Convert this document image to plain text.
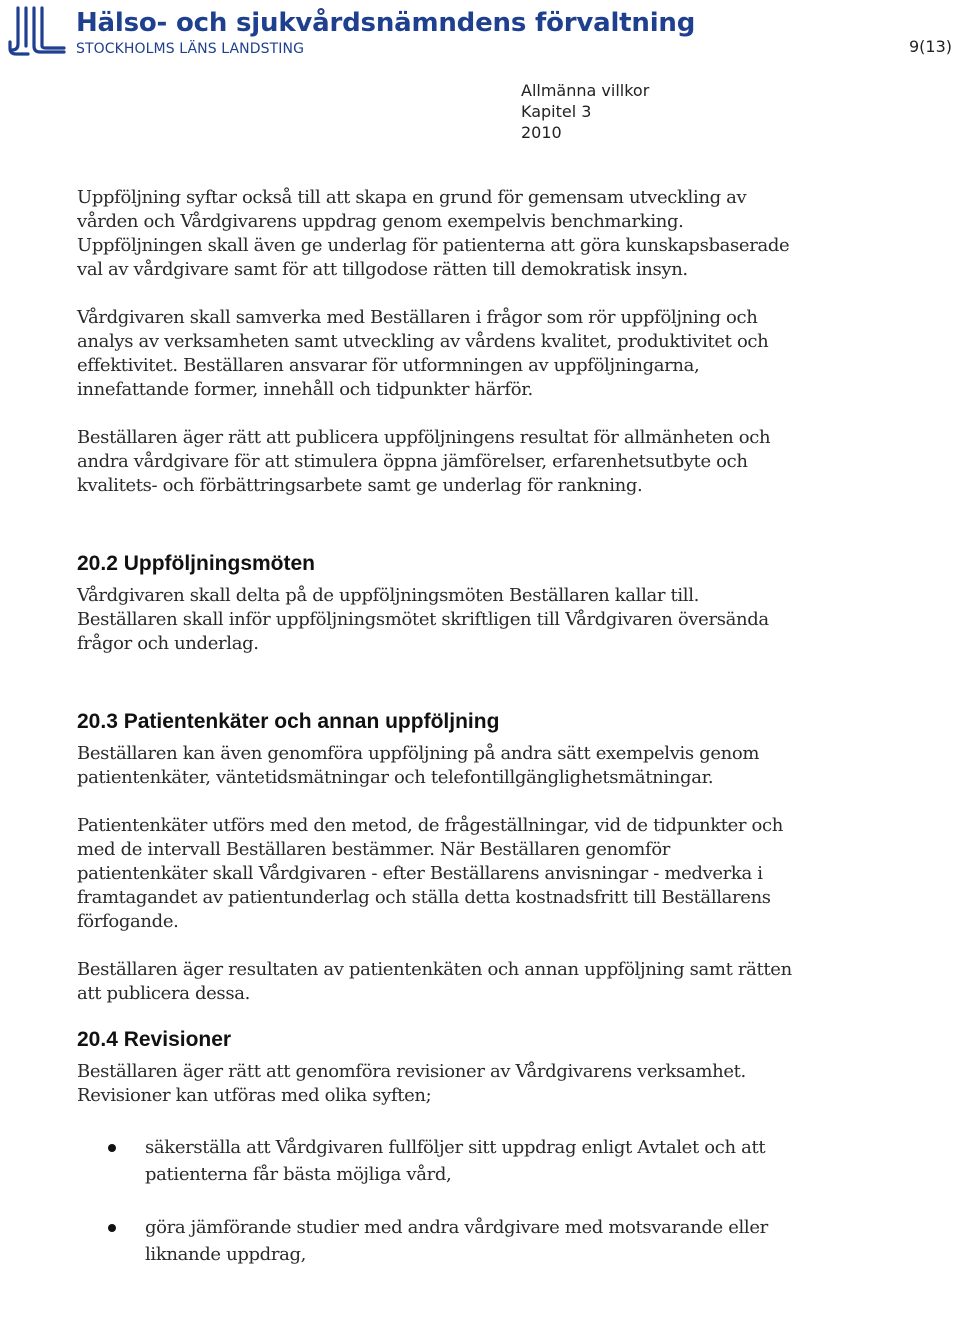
Hälso- och sjukvårdsnämndens förvaltning
STOCKHOLMS LÄNS LANDSTING	9(13)
Allmänna villkor
Kapitel 3
2010

Uppföljning syftar också till att skapa en grund för gemensam utveckling av vården och Vårdgivarens uppdrag genom exempelvis benchmarking. Uppföljningen skall även ge underlag för patienterna att göra kunskapsbaserade val av vårdgivare samt för att tillgodose rätten till demokratisk insyn.

Vårdgivaren skall samverka med Beställaren i frågor som rör uppföljning och analys av verksamheten samt utveckling av vårdens kvalitet, produktivitet och effektivitet. Beställaren ansvarar för utformningen av uppföljningarna, innefattande former, innehåll och tidpunkter härför.

Beställaren äger rätt att publicera uppföljningens resultat för allmänheten och andra vårdgivare för att stimulera öppna jämförelser, erfarenhetsutbyte och kvalitets- och förbättringsarbete samt ge underlag för rankning.

20.2 Uppföljningsmöten

Vårdgivaren skall delta på de uppföljningsmöten Beställaren kallar till. Beställaren skall inför uppföljningsmötet skriftligen till Vårdgivaren översända frågor och underlag.

20.3 Patientenkäter och annan uppföljning

Beställaren kan även genomföra uppföljning på andra sätt exempelvis genom patientenkäter, väntetidsmätningar och telefontillgänglighetsmätningar.

Patientenkäter utförs med den metod, de frågeställningar, vid de tidpunkter och med de intervall Beställaren bestämmer. När Beställaren genomför patientenkäter skall Vårdgivaren - efter Beställarens anvisningar - medverka i framtagandet av patientunderlag och ställa detta kostnadsfritt till Beställarens förfogande.

Beställaren äger resultaten av patientenkäten och annan uppföljning samt rätten att publicera dessa.

20.4 Revisioner

Beställaren äger rätt att genomföra revisioner av Vårdgivarens verksamhet. Revisioner kan utföras med olika syften;

säkerställa att Vårdgivaren fullföljer sitt uppdrag enligt Avtalet och att patienterna får bästa möjliga vård,
göra jämförande studier med andra vårdgivare med motsvarande eller liknande uppdrag,
